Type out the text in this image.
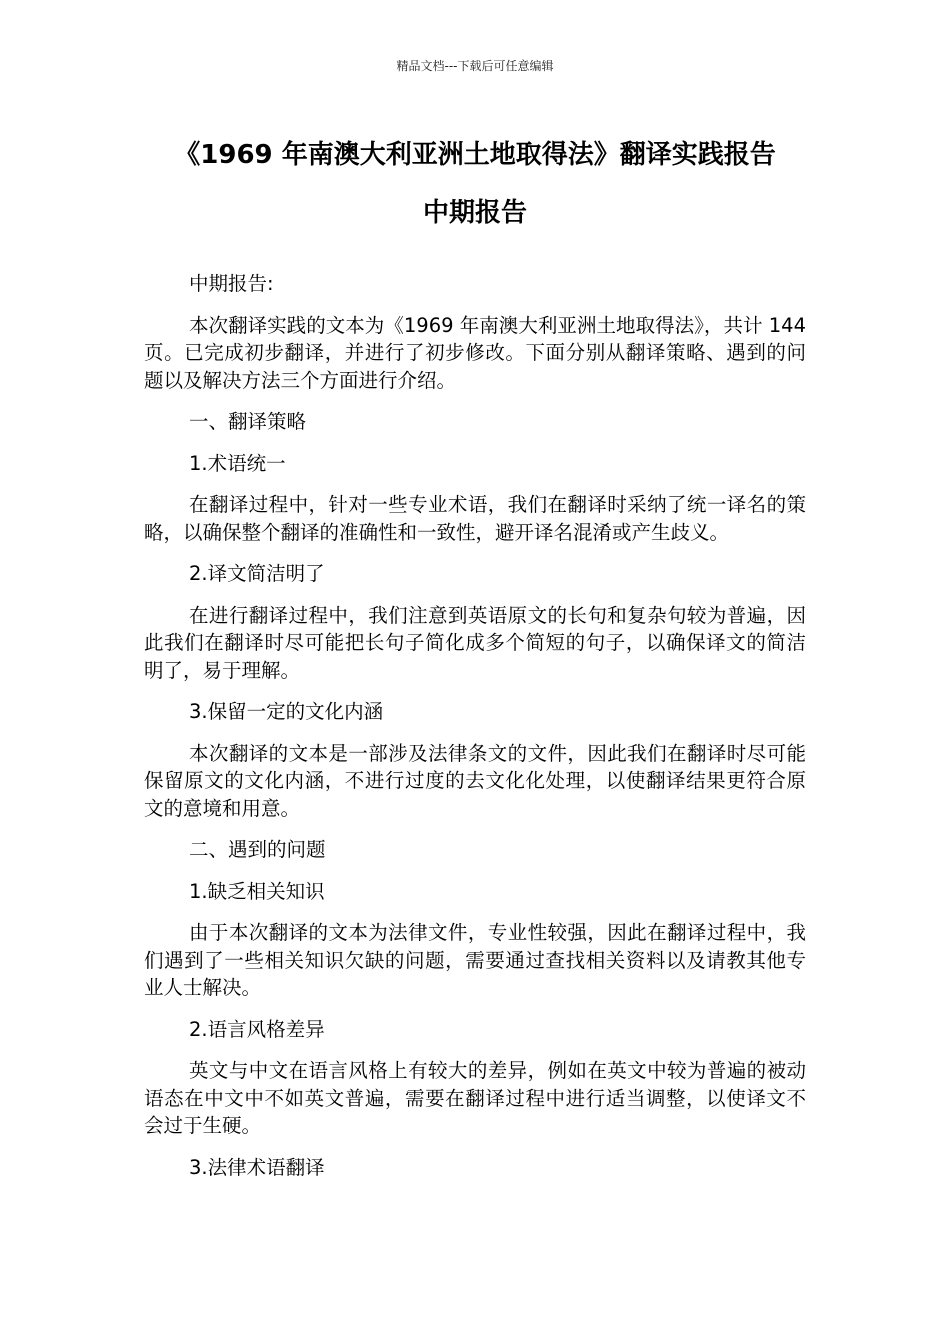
精品文档---下载后可任意编辑
《1969 年南澳大利亚洲土地取得法》翻译实践报告
中期报告

中期报告:

本次翻译实践的文本为《1969 年南澳大利亚洲土地取得法》，共计 144 页。已完成初步翻译，并进行了初步修改。下面分别从翻译策略、遇到的问题以及解决方法三个方面进行介绍。

一、翻译策略

1.术语统一

在翻译过程中，针对一些专业术语，我们在翻译时采纳了统一译名的策略，以确保整个翻译的准确性和一致性，避开译名混淆或产生歧义。

2.译文简洁明了

在进行翻译过程中，我们注意到英语原文的长句和复杂句较为普遍，因此我们在翻译时尽可能把长句子简化成多个简短的句子，以确保译文的简洁明了，易于理解。

3.保留一定的文化内涵

本次翻译的文本是一部涉及法律条文的文件，因此我们在翻译时尽可能保留原文的文化内涵，不进行过度的去文化化处理，以使翻译结果更符合原文的意境和用意。

二、遇到的问题

1.缺乏相关知识

由于本次翻译的文本为法律文件，专业性较强，因此在翻译过程中，我们遇到了一些相关知识欠缺的问题，需要通过查找相关资料以及请教其他专业人士解决。

2.语言风格差异

英文与中文在语言风格上有较大的差异，例如在英文中较为普遍的被动语态在中文中不如英文普遍，需要在翻译过程中进行适当调整，以使译文不会过于生硬。

3.法律术语翻译
